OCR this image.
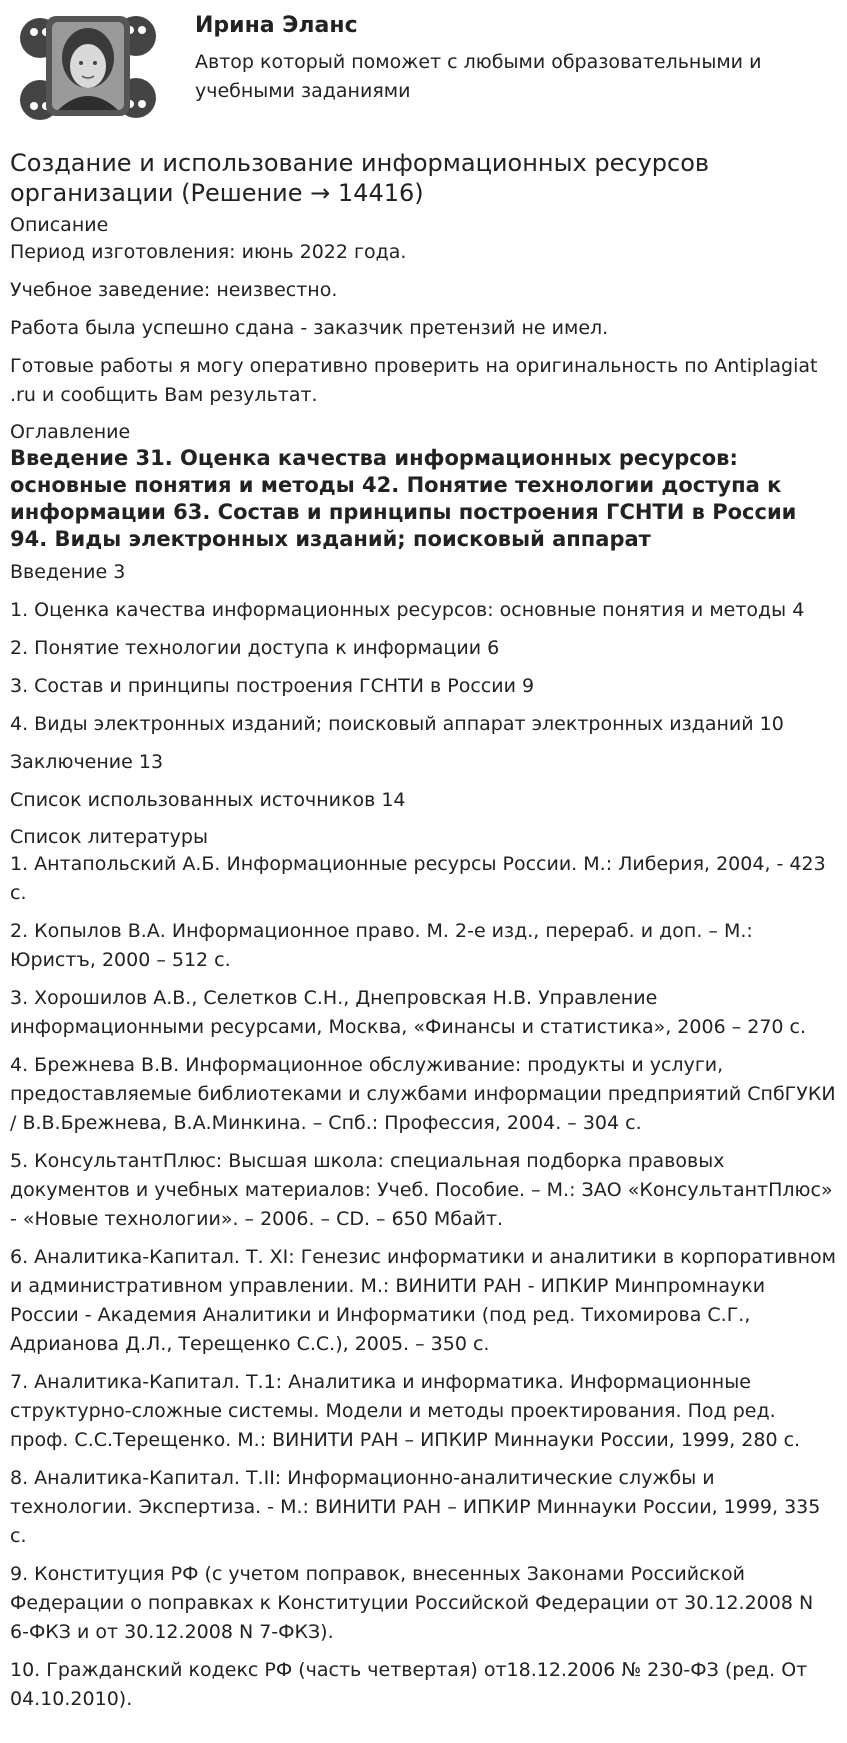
Ирина Эланс

Автор который поможет с любыми образовательными и учебными заданиями

Создание и использование информационных ресурсов организации (Решение → 14416)

Описание

Период изготовления: июнь 2022 года.

Учебное заведение: неизвестно.

Работа была успешно сдана - заказчик претензий не имел.

Готовые работы я могу оперативно проверить на оригинальность по Antiplagiat .ru и сообщить Вам результат.

Оглавление

Введение 31. Оценка качества информационных ресурсов: основные понятия и методы 42. Понятие технологии доступа к информации 63. Состав и принципы построения ГСНТИ в России 94. Виды электронных изданий; поисковый аппарат

Введение 3

1. Оценка качества информационных ресурсов: основные понятия и методы 4

2. Понятие технологии доступа к информации 6

3. Состав и принципы построения ГСНТИ в России 9

4. Виды электронных изданий; поисковый аппарат электронных изданий 10

Заключение 13

Список использованных источников 14

Список литературы

1. Антапольский А.Б. Информационные ресурсы России. М.: Либерия, 2004, - 423 с.

2. Копылов В.А. Информационное право. М. 2-е изд., перераб. и доп. – М.: Юристъ, 2000 – 512 с.

3. Хорошилов А.В., Селетков С.Н., Днепровская Н.В. Управление информационными ресурсами, Москва, «Финансы и статистика», 2006 – 270 с.

4. Брежнева В.В. Информационное обслуживание: продукты и услуги, предоставляемые библиотеками и службами информации предприятий СпбГУКИ / В.В.Брежнева, В.А.Минкина. – Спб.: Профессия, 2004. – 304 с.

5. КонсультантПлюс: Высшая школа: специальная подборка правовых документов и учебных материалов: Учеб. Пособие. – М.: ЗАО «КонсультантПлюс» - «Новые технологии». – 2006. – CD. – 650 Мбайт.

6. Аналитика-Капитал. Т. XI: Генезис информатики и аналитики в корпоративном и административном управлении. М.: ВИНИТИ РАН - ИПКИР Минпромнауки России - Академия Аналитики и Информатики (под ред. Тихомирова С.Г., Адрианова Д.Л., Терещенко С.С.), 2005. – 350 с.

7. Аналитика-Капитал. Т.1: Аналитика и информатика. Информационные структурно-сложные системы. Модели и методы проектирования. Под ред. проф. С.С.Терещенко. М.: ВИНИТИ РАН – ИПКИР Миннауки России, 1999, 280 с.

8. Аналитика-Капитал. Т.II: Информационно-аналитические службы и технологии. Экспертиза. - М.: ВИНИТИ РАН – ИПКИР Миннауки России, 1999, 335 с.

9. Конституция РФ (с учетом поправок, внесенных Законами Российской Федерации о поправках к Конституции Российской Федерации от 30.12.2008 N 6-ФКЗ и от 30.12.2008 N 7-ФКЗ).

10. Гражданский кодекс РФ (часть четвертая) от18.12.2006 № 230-ФЗ (ред. От 04.10.2010).
